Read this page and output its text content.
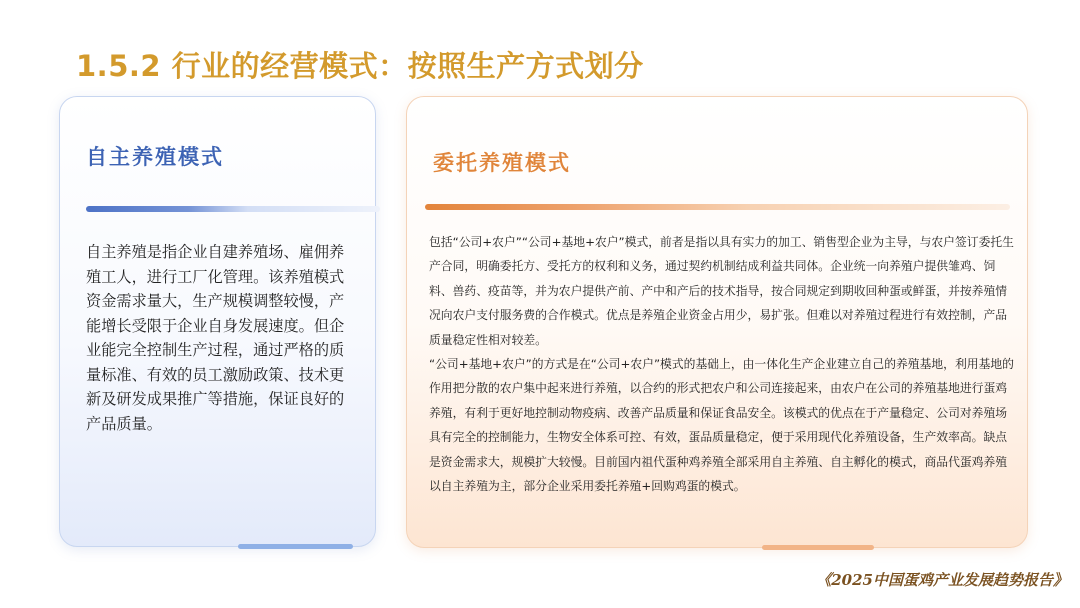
1.5.2 行业的经营模式：按照生产方式划分
自主养殖模式

自主养殖是指企业自建养殖场、雇佣养殖工人，进行工厂化管理。该养殖模式资金需求量大，生产规模调整较慢，产能增长受限于企业自身发展速度。但企业能完全控制生产过程，通过严格的质量标准、有效的员工激励政策、技术更新及研发成果推广等措施，保证良好的产品质量。

委托养殖模式
包括“公司+农户”“公司+基地+农户”模式，前者是指以具有实力的加工、销售型企业为主导，与农户签订委托生产合同，明确委托方、受托方的权利和义务，通过契约机制结成利益共同体。企业统一向养殖户提供雏鸡、饲料、兽药、疫苗等，并为农户提供产前、产中和产后的技术指导，按合同规定到期收回种蛋或鲜蛋，并按养殖情况向农户支付服务费的合作模式。优点是养殖企业资金占用少，易扩张。但难以对养殖过程进行有效控制，产品质量稳定性相对较差。
“公司+基地+农户”的方式是在“公司+农户”模式的基础上，由一体化生产企业建立自己的养殖基地，利用基地的作用把分散的农户集中起来进行养殖，以合约的形式把农户和公司连接起来，由农户在公司的养殖基地进行蛋鸡养殖，有利于更好地控制动物疫病、改善产品质量和保证食品安全。该模式的优点在于产量稳定、公司对养殖场具有完全的控制能力，生物安全体系可控、有效，蛋品质量稳定，便于采用现代化养殖设备，生产效率高。缺点是资金需求大，规模扩大较慢。目前国内祖代蛋种鸡养殖全部采用自主养殖、自主孵化的模式，商品代蛋鸡养殖以自主养殖为主，部分企业采用委托养殖+回购鸡蛋的模式。

《2025中国蛋鸡产业发展趋势报告》
